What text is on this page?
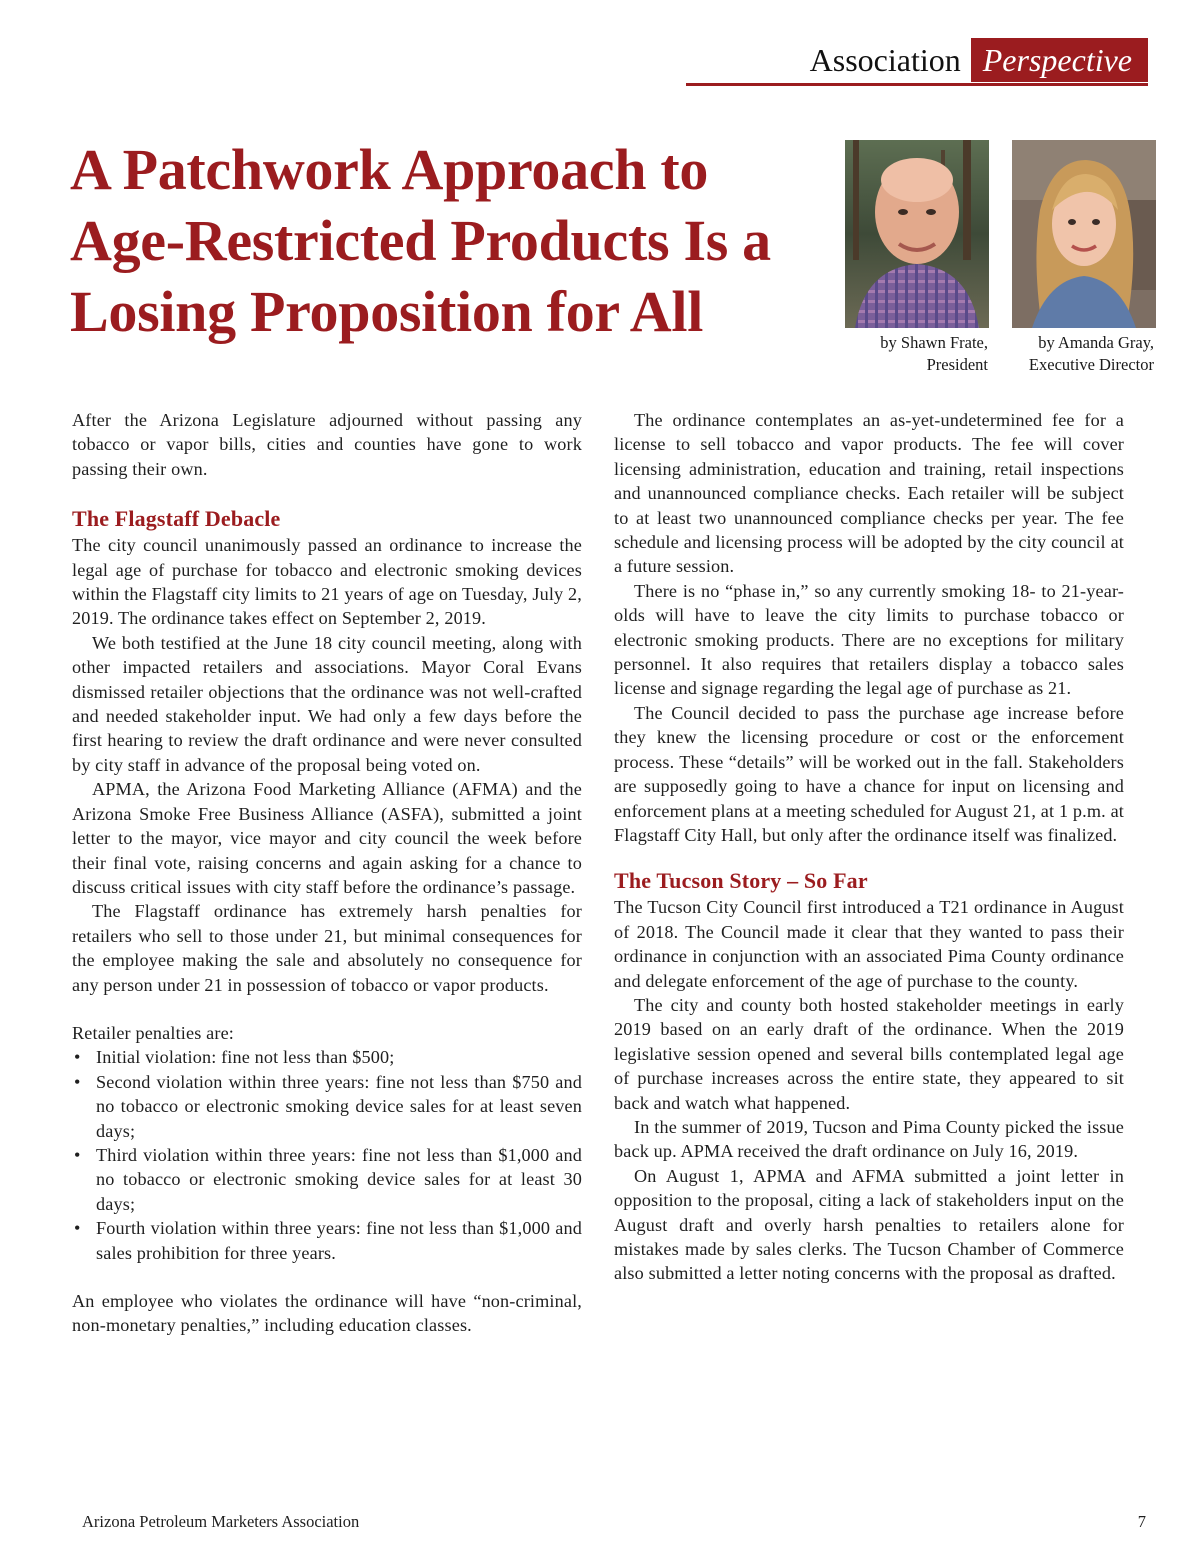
Association Perspective
A Patchwork Approach to
Age-Restricted Products Is a
Losing Proposition for All	by Shawn Frate,
President
by Amanda Gray,
Executive Director

After the Arizona Legislature adjourned without passing any tobacco or vapor bills, cities and counties have gone to work passing their own.

The Flagstaff Debacle

The city council unanimously passed an ordinance to increase the legal age of purchase for tobacco and electronic smoking devices within the Flagstaff city limits to 21 years of age on Tuesday, July 2, 2019. The ordinance takes effect on September 2, 2019.

We both testified at the June 18 city council meeting, along with other impacted retailers and associations. Mayor Coral Evans dismissed retailer objections that the ordinance was not well-crafted and needed stakeholder input. We had only a few days before the first hearing to review the draft ordinance and were never consulted by city staff in advance of the proposal being voted on.

APMA, the Arizona Food Marketing Alliance (AFMA) and the Arizona Smoke Free Business Alliance (ASFA), submitted a joint letter to the mayor, vice mayor and city council the week before their final vote, raising concerns and again asking for a chance to discuss critical issues with city staff before the ordinance’s passage.

The Flagstaff ordinance has extremely harsh penalties for retailers who sell to those under 21, but minimal consequences for the employee making the sale and absolutely no consequence for any person under 21 in possession of tobacco or vapor products.

Retailer penalties are:

• Initial violation: fine not less than $500;
• Second violation within three years: fine not less than $750 and no tobacco or electronic smoking device sales for at least seven days;
• Third violation within three years: fine not less than $1,000 and no tobacco or electronic smoking device sales for at least 30 days;
• Fourth violation within three years: fine not less than $1,000 and sales prohibition for three years.

An employee who violates the ordinance will have “non-criminal, non-monetary penalties,” including education classes.

The ordinance contemplates an as-yet-undetermined fee for a license to sell tobacco and vapor products. The fee will cover licensing administration, education and training, retail inspections and unannounced compliance checks. Each retailer will be subject to at least two unannounced compliance checks per year. The fee schedule and licensing process will be adopted by the city council at a future session.

There is no “phase in,” so any currently smoking 18- to 21-year-olds will have to leave the city limits to purchase tobacco or electronic smoking products. There are no exceptions for military personnel. It also requires that retailers display a tobacco sales license and signage regarding the legal age of purchase as 21.

The Council decided to pass the purchase age increase before they knew the licensing procedure or cost or the enforcement process. These “details” will be worked out in the fall. Stakeholders are supposedly going to have a chance for input on licensing and enforcement plans at a meeting scheduled for August 21, at 1 p.m. at Flagstaff City Hall, but only after the ordinance itself was finalized.

The Tucson Story – So Far

The Tucson City Council first introduced a T21 ordinance in August of 2018. The Council made it clear that they wanted to pass their ordinance in conjunction with an associated Pima County ordinance and delegate enforcement of the age of purchase to the county.

The city and county both hosted stakeholder meetings in early 2019 based on an early draft of the ordinance. When the 2019 legislative session opened and several bills contemplated legal age of purchase increases across the entire state, they appeared to sit back and watch what happened.

In the summer of 2019, Tucson and Pima County picked the issue back up. APMA received the draft ordinance on July 16, 2019.

On August 1, APMA and AFMA submitted a joint letter in opposition to the proposal, citing a lack of stakeholders input on the August draft and overly harsh penalties to retailers alone for mistakes made by sales clerks. The Tucson Chamber of Commerce also submitted a letter noting concerns with the proposal as drafted.

Arizona Petroleum Marketers Association	7
